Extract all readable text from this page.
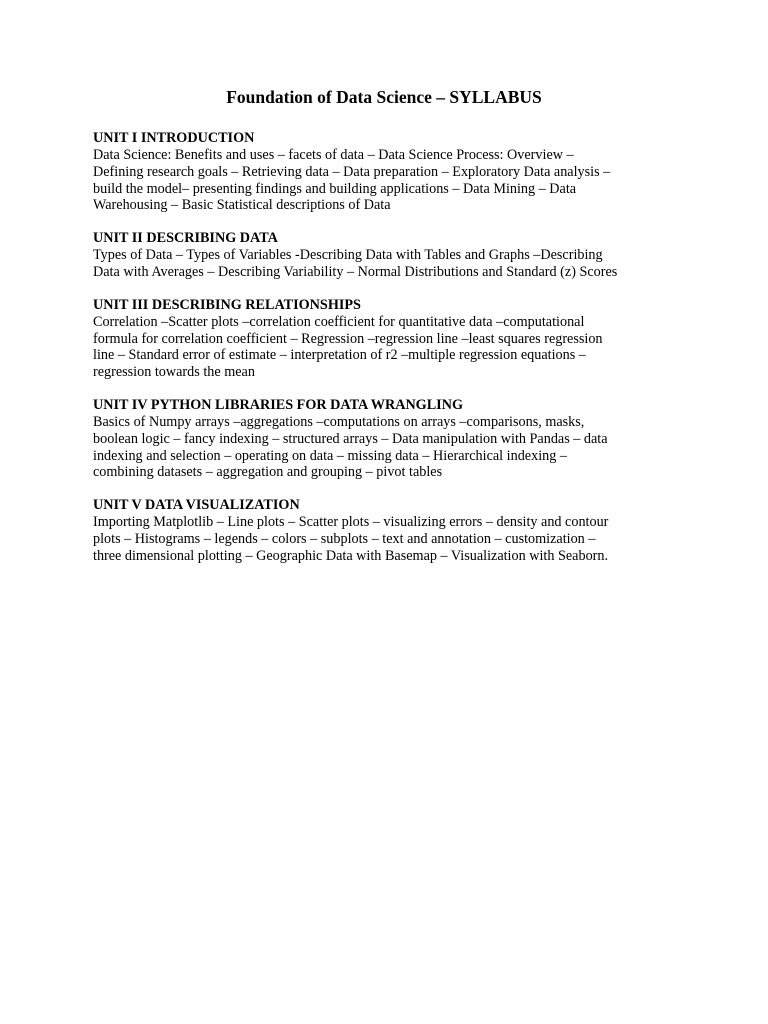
Foundation of Data Science – SYLLABUS

UNIT I INTRODUCTION

Data Science: Benefits and uses – facets of data – Data Science Process: Overview –
Defining research goals – Retrieving data – Data preparation – Exploratory Data analysis –
build the model– presenting findings and building applications – Data Mining – Data
Warehousing – Basic Statistical descriptions of Data

UNIT II DESCRIBING DATA

Types of Data – Types of Variables -Describing Data with Tables and Graphs –Describing
Data with Averages – Describing Variability – Normal Distributions and Standard (z) Scores

UNIT III DESCRIBING RELATIONSHIPS

Correlation –Scatter plots –correlation coefficient for quantitative data –computational
formula for correlation coefficient – Regression –regression line –least squares regression
line – Standard error of estimate – interpretation of r2 –multiple regression equations –
regression towards the mean

UNIT IV PYTHON LIBRARIES FOR DATA WRANGLING

Basics of Numpy arrays –aggregations –computations on arrays –comparisons, masks,
boolean logic – fancy indexing – structured arrays – Data manipulation with Pandas – data
indexing and selection – operating on data – missing data – Hierarchical indexing –
combining datasets – aggregation and grouping – pivot tables

UNIT V DATA VISUALIZATION

Importing Matplotlib – Line plots – Scatter plots – visualizing errors – density and contour
plots – Histograms – legends – colors – subplots – text and annotation – customization –
three dimensional plotting – Geographic Data with Basemap – Visualization with Seaborn.
